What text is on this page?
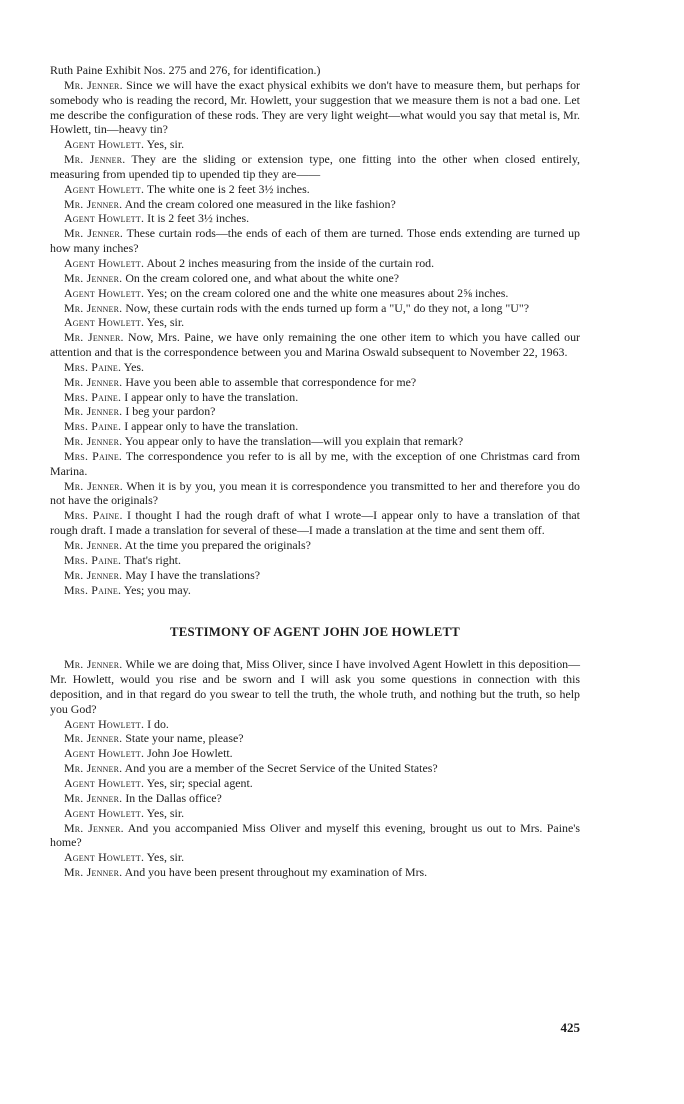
Ruth Paine Exhibit Nos. 275 and 276, for identification.)

Mr. Jenner. Since we will have the exact physical exhibits we don't have to measure them, but perhaps for somebody who is reading the record, Mr. Howlett, your suggestion that we measure them is not a bad one. Let me describe the configuration of these rods. They are very light weight—what would you say that metal is, Mr. Howlett, tin—heavy tin?

Agent Howlett. Yes, sir.

Mr. Jenner. They are the sliding or extension type, one fitting into the other when closed entirely, measuring from upended tip to upended tip they are——

Agent Howlett. The white one is 2 feet 3½ inches.

Mr. Jenner. And the cream colored one measured in the like fashion?

Agent Howlett. It is 2 feet 3½ inches.

Mr. Jenner. These curtain rods—the ends of each of them are turned. Those ends extending are turned up how many inches?

Agent Howlett. About 2 inches measuring from the inside of the curtain rod.

Mr. Jenner. On the cream colored one, and what about the white one?

Agent Howlett. Yes; on the cream colored one and the white one measures about 2⅝ inches.

Mr. Jenner. Now, these curtain rods with the ends turned up form a "U," do they not, a long "U"?

Agent Howlett. Yes, sir.

Mr. Jenner. Now, Mrs. Paine, we have only remaining the one other item to which you have called our attention and that is the correspondence between you and Marina Oswald subsequent to November 22, 1963.

Mrs. Paine. Yes.

Mr. Jenner. Have you been able to assemble that correspondence for me?

Mrs. Paine. I appear only to have the translation.

Mr. Jenner. I beg your pardon?

Mrs. Paine. I appear only to have the translation.

Mr. Jenner. You appear only to have the translation—will you explain that remark?

Mrs. Paine. The correspondence you refer to is all by me, with the exception of one Christmas card from Marina.

Mr. Jenner. When it is by you, you mean it is correspondence you transmitted to her and therefore you do not have the originals?

Mrs. Paine. I thought I had the rough draft of what I wrote—I appear only to have a translation of that rough draft. I made a translation for several of these—I made a translation at the time and sent them off.

Mr. Jenner. At the time you prepared the originals?

Mrs. Paine. That's right.

Mr. Jenner. May I have the translations?

Mrs. Paine. Yes; you may.

TESTIMONY OF AGENT JOHN JOE HOWLETT

Mr. Jenner. While we are doing that, Miss Oliver, since I have involved Agent Howlett in this deposition—Mr. Howlett, would you rise and be sworn and I will ask you some questions in connection with this deposition, and in that regard do you swear to tell the truth, the whole truth, and nothing but the truth, so help you God?

Agent Howlett. I do.

Mr. Jenner. State your name, please?

Agent Howlett. John Joe Howlett.

Mr. Jenner. And you are a member of the Secret Service of the United States?

Agent Howlett. Yes, sir; special agent.

Mr. Jenner. In the Dallas office?

Agent Howlett. Yes, sir.

Mr. Jenner. And you accompanied Miss Oliver and myself this evening, brought us out to Mrs. Paine's home?

Agent Howlett. Yes, sir.

Mr. Jenner. And you have been present throughout my examination of Mrs.

425
